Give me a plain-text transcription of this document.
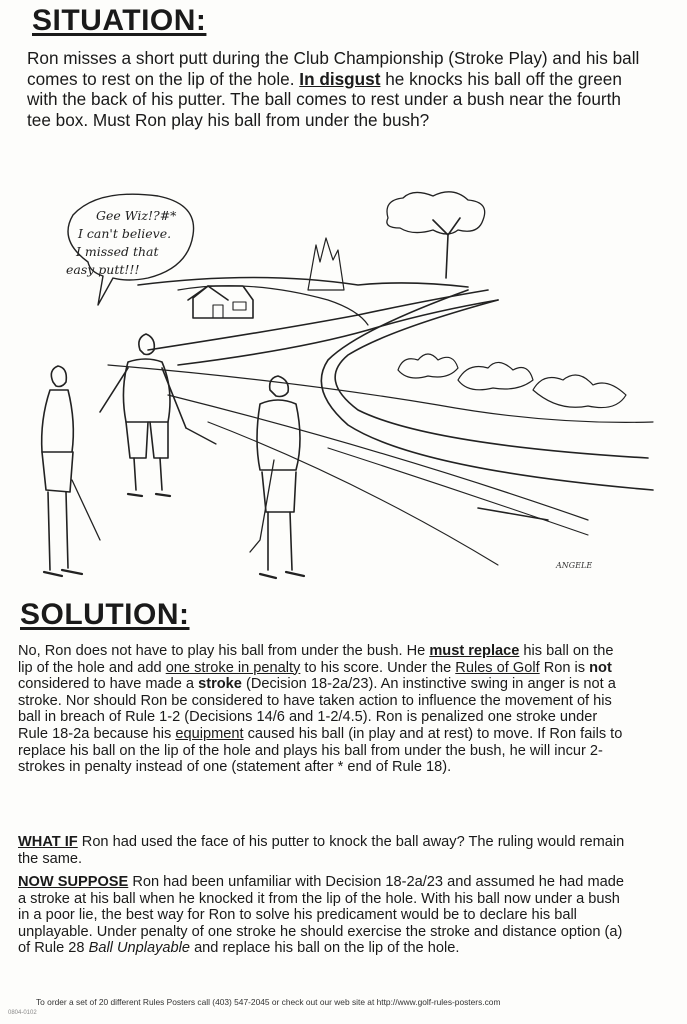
SITUATION:

Ron misses a short putt during the Club Championship (Stroke Play) and his ball comes to rest on the lip of the hole. In disgust he knocks his ball off the green with the back of his putter. The ball comes to rest under a bush near the fourth tee box. Must Ron play his ball from under the bush?

Gee Wiz!?#*
I can't believe.
I missed that
easy putt!!!
ANGELE
SOLUTION:

No, Ron does not have to play his ball from under the bush. He must replace his ball on the lip of the hole and add one stroke in penalty to his score. Under the Rules of Golf Ron is not considered to have made a stroke (Decision 18-2a/23). An instinctive swing in anger is not a stroke. Nor should Ron be considered to have taken action to influence the movement of his ball in breach of Rule 1-2 (Decisions 14/6 and 1-2/4.5). Ron is penalized one stroke under Rule 18-2a because his equipment caused his ball (in play and at rest) to move. If Ron fails to replace his ball on the lip of the hole and plays his ball from under the bush, he will incur 2-strokes in penalty instead of one (statement after * end of Rule 18).

WHAT IF Ron had used the face of his putter to knock the ball away? The ruling would remain the same.

NOW SUPPOSE Ron had been unfamiliar with Decision 18-2a/23 and assumed he had made a stroke at his ball when he knocked it from the lip of the hole. With his ball now under a bush in a poor lie, the best way for Ron to solve his predicament would be to declare his ball unplayable. Under penalty of one stroke he should exercise the stroke and distance option (a) of Rule 28 Ball Unplayable and replace his ball on the lip of the hole.

To order a set of 20 different Rules Posters call (403) 547-2045 or check out our web site at http://www.golf-rules-posters.com

0804-0102
